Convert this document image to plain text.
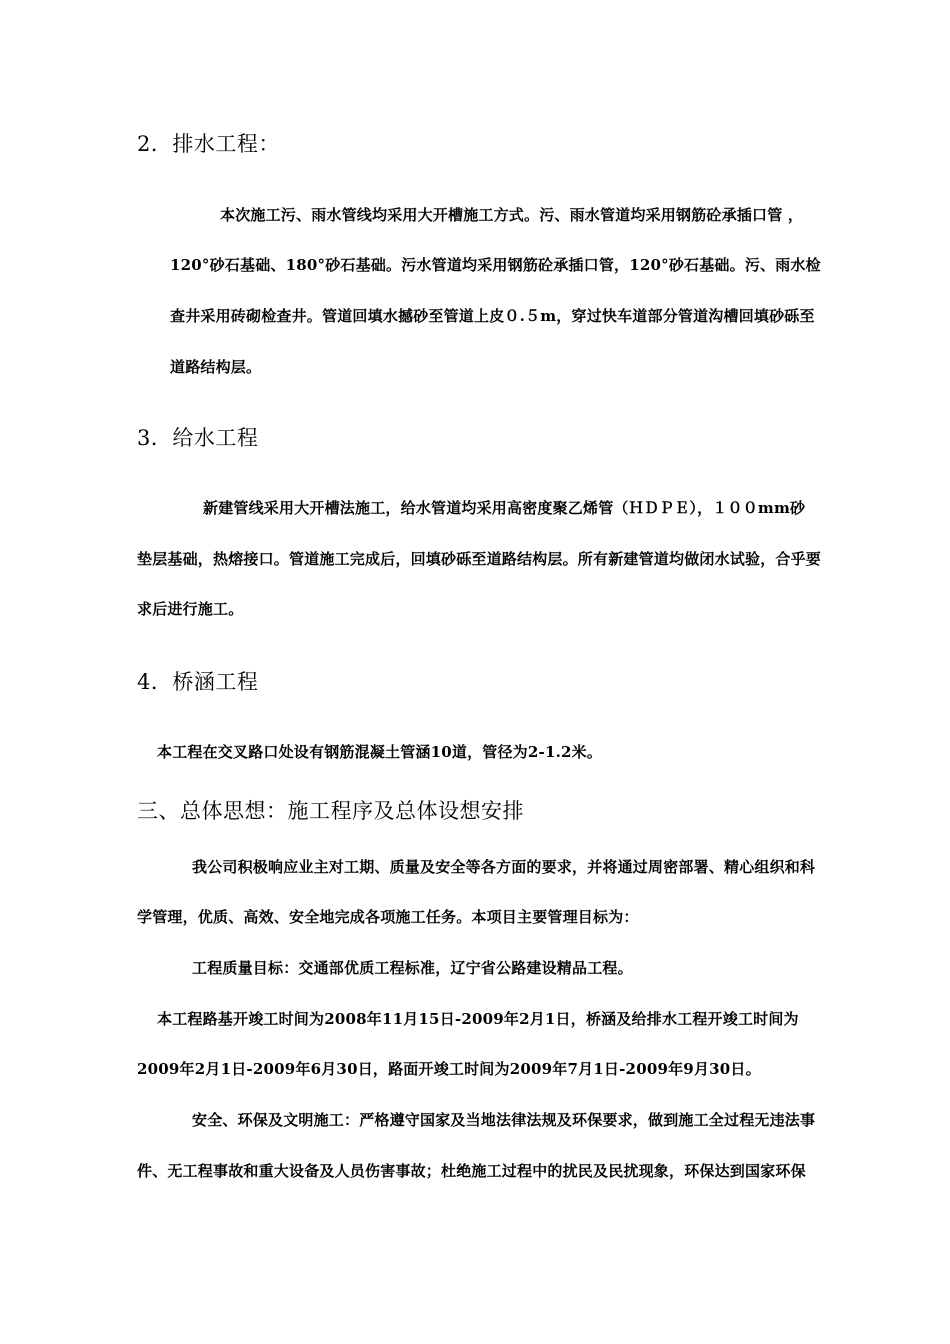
2．排水工程：
本次施工污、雨水管线均采用大开槽施工方式。污、雨水管道均采用钢筋砼承插口管 ，
120°砂石基础、180°砂石基础。污水管道均采用钢筋砼承插口管，120°砂石基础。污、雨水检
查井采用砖砌检查井。管道回填水撼砂至管道上皮０.５m，穿过快车道部分管道沟槽回填砂砾至
道路结构层。
3．给水工程
新建管线采用大开槽法施工，给水管道均采用高密度聚乙烯管（ＨＤＰＥ），１００mm砂
垫层基础，热熔接口。管道施工完成后，回填砂砾至道路结构层。所有新建管道均做闭水试验，合乎要
求后进行施工。
4．桥涵工程
本工程在交叉路口处设有钢筋混凝土管涵10道，管径为2-1.2米。
三、总体思想：施工程序及总体设想安排
我公司积极响应业主对工期、质量及安全等各方面的要求，并将通过周密部署、精心组织和科
学管理，优质、高效、安全地完成各项施工任务。本项目主要管理目标为：
工程质量目标：交通部优质工程标准，辽宁省公路建设精品工程。
本工程路基开竣工时间为2008年11月15日-2009年2月1日，桥涵及给排水工程开竣工时间为
2009年2月1日-2009年6月30日，路面开竣工时间为2009年7月1日-2009年9月30日。
安全、环保及文明施工：严格遵守国家及当地法律法规及环保要求，做到施工全过程无违法事
件、无工程事故和重大设备及人员伤害事故；杜绝施工过程中的扰民及民扰现象，环保达到国家环保
